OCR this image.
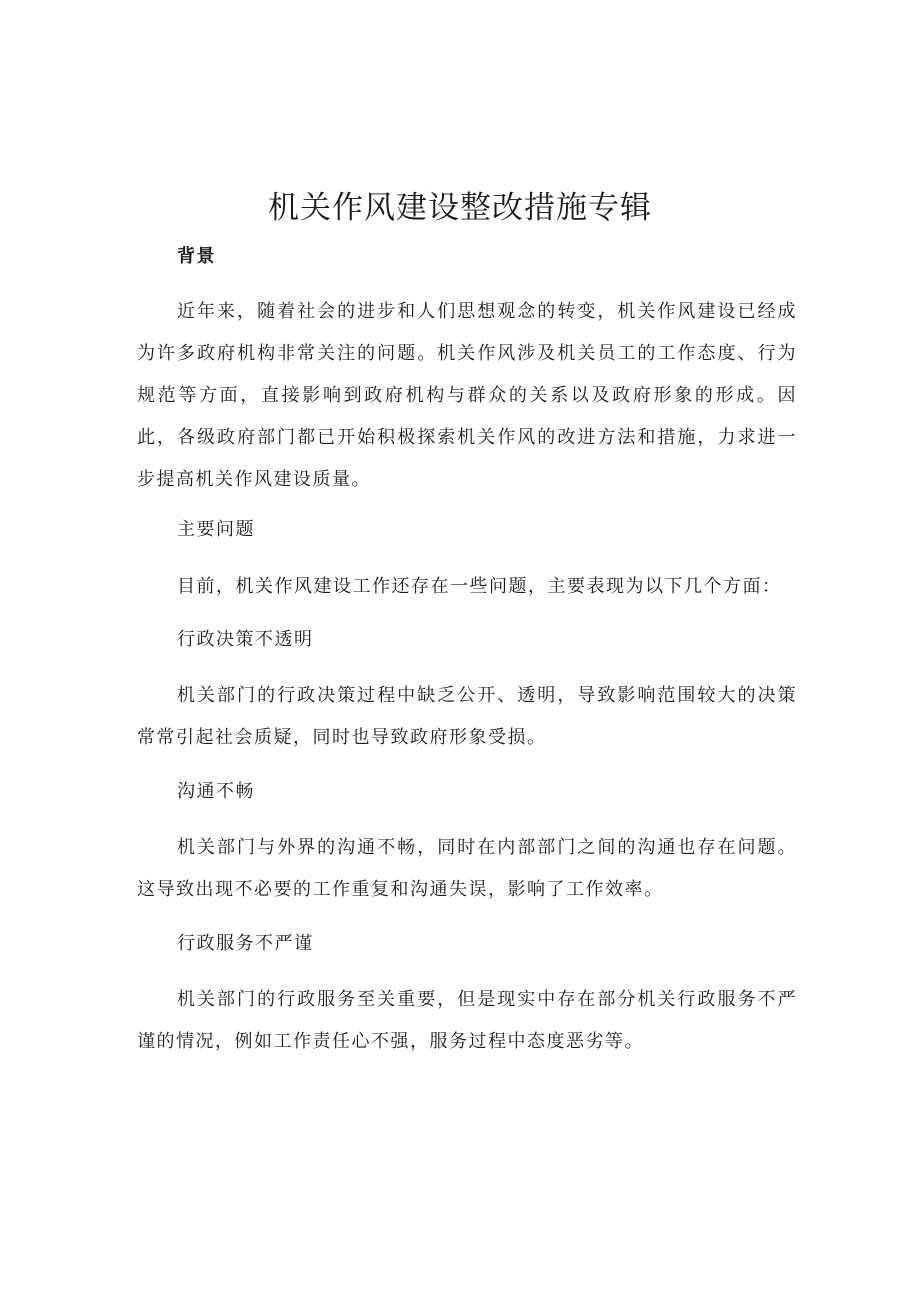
机关作风建设整改措施专辑

背景

近年来，随着社会的进步和人们思想观念的转变，机关作风建设已经成为许多政府机构非常关注的问题。机关作风涉及机关员工的工作态度、行为规范等方面，直接影响到政府机构与群众的关系以及政府形象的形成。因此，各级政府部门都已开始积极探索机关作风的改进方法和措施，力求进一步提高机关作风建设质量。

主要问题

目前，机关作风建设工作还存在一些问题，主要表现为以下几个方面：

行政决策不透明

机关部门的行政决策过程中缺乏公开、透明，导致影响范围较大的决策常常引起社会质疑，同时也导致政府形象受损。

沟通不畅

机关部门与外界的沟通不畅，同时在内部部门之间的沟通也存在问题。这导致出现不必要的工作重复和沟通失误，影响了工作效率。

行政服务不严谨

机关部门的行政服务至关重要，但是现实中存在部分机关行政服务不严谨的情况，例如工作责任心不强，服务过程中态度恶劣等。
